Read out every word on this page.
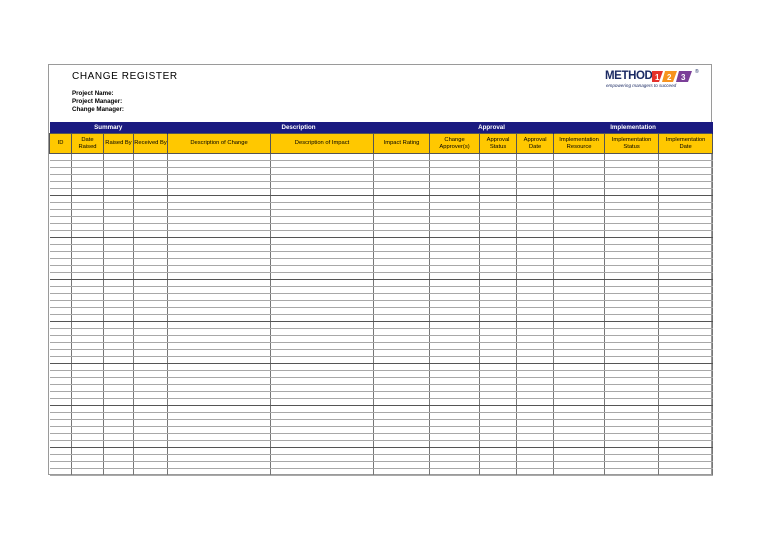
CHANGE REGISTER
Project Name:
Project Manager:
Change Manager:
METHOD 1 2 3
®
empowering managers to succeed
Summary				Description			Approval			Implementation		
ID	Date Raised	Raised By	Received By	Description of Change	Description of Impact	Impact Rating	Change Approver(s)	Approval Status	Approval Date	Implementation Resource	Implementation Status	Implementation Date
